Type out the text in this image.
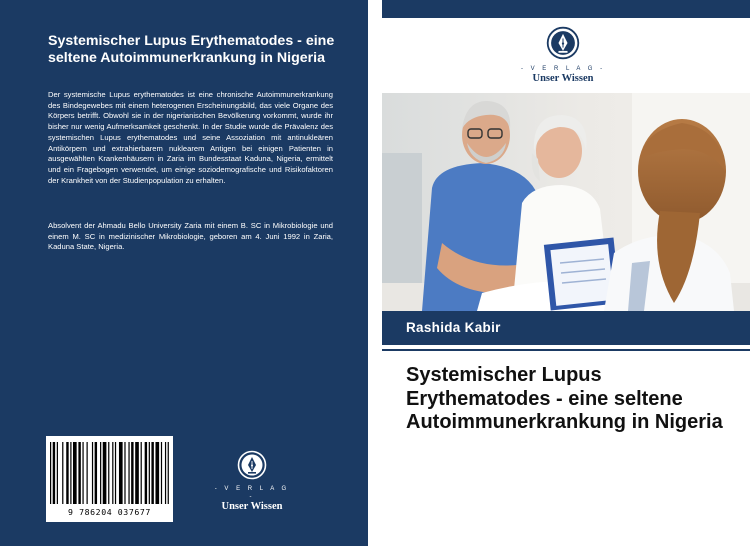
Systemischer Lupus Erythematodes - eine seltene Autoimmunerkrankung in Nigeria
Der systemische Lupus erythematodes ist eine chronische Autoimmunerkrankung des Bindegewebes mit einem heterogenen Erscheinungsbild, das viele Organe des Körpers betrifft. Obwohl sie in der nigerianischen Bevölkerung vorkommt, wurde ihr bisher nur wenig Aufmerksamkeit geschenkt. In der Studie wurde die Prävalenz des systemischen Lupus erythematodes und seine Assoziation mit antinukleären Antikörpern und extrahierbarem nuklearem Antigen bei einigen Patienten in ausgewählten Krankenhäusern in Zaria im Bundesstaat Kaduna, Nigeria, ermittelt und ein Fragebogen verwendet, um einige soziodemografische und Risikofaktoren der Krankheit von der Studienpopulation zu erhalten.
Absolvent der Ahmadu Bello University Zaria mit einem B. SC in Mikrobiologie und einem M. SC in medizinischer Mikrobiologie, geboren am 4. Juni 1992 in Zaria, Kaduna State, Nigeria.
9 786204 037677
- V E R L A G -
Unser Wissen
- V E R L A G -
Unser Wissen
Rashida Kabir
Systemischer Lupus Erythematodes - eine seltene Autoimmunerkrankung in Nigeria
